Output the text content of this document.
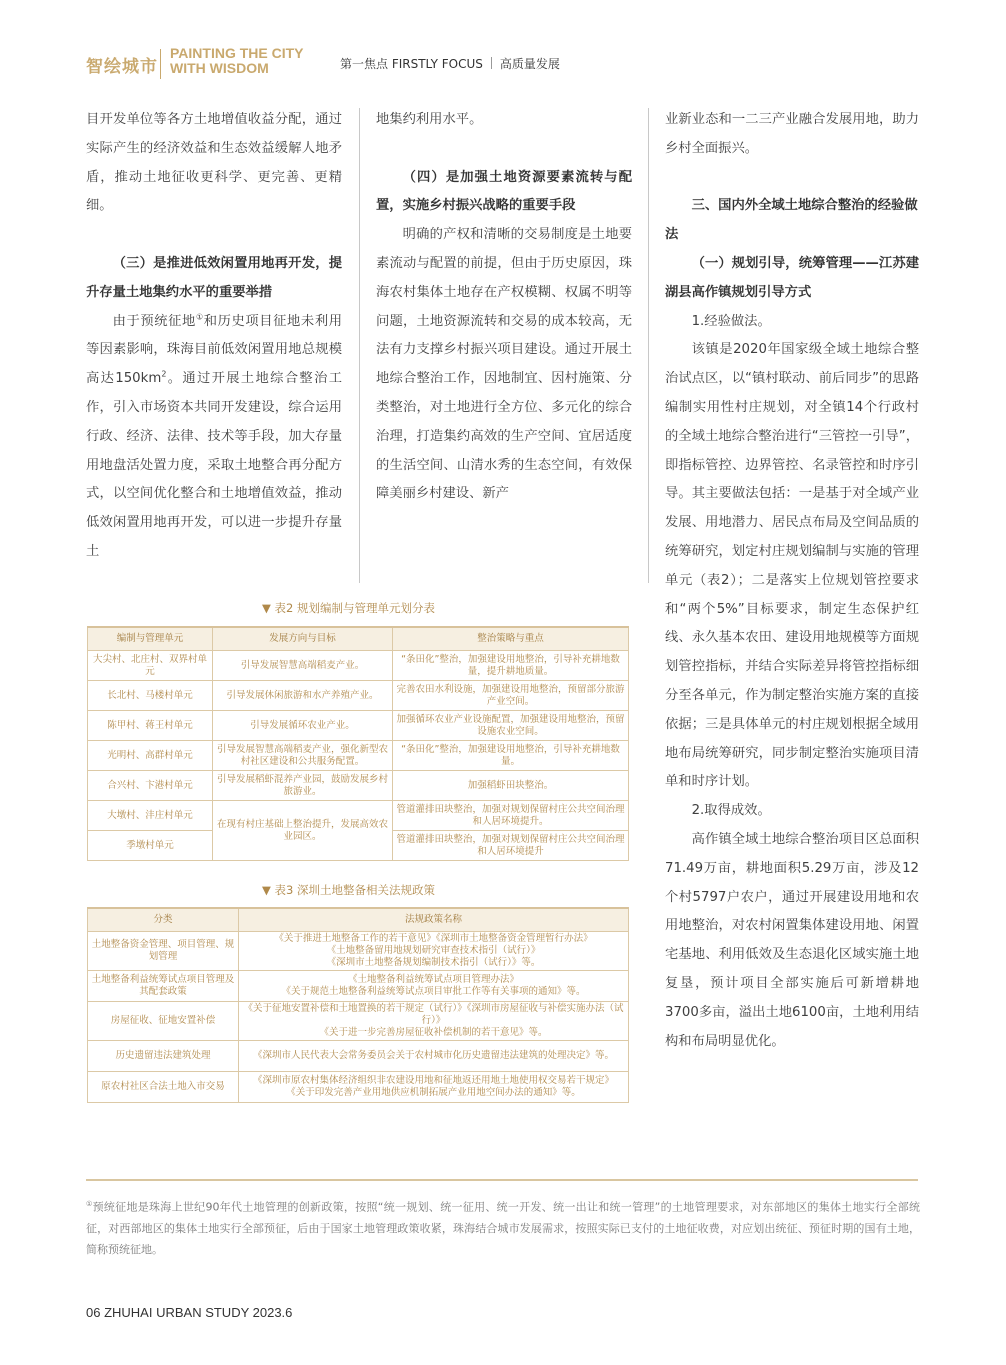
智绘城市
PAINTING THE CITY
WITH WISDOM	第一焦点 FIRSTLY FOCUS 高质量发展

目开发单位等各方土地增值收益分配，通过实际产生的经济效益和生态效益缓解人地矛盾，推动土地征收更科学、更完善、更精细。

（三）是推进低效闲置用地再开发，提升存量土地集约水平的重要举措

由于预统征地①和历史项目征地未利用等因素影响，珠海目前低效闲置用地总规模高达$150km^2$。通过开展土地综合整治工作，引入市场资本共同开发建设，综合运用行政、经济、法律、技术等手段，加大存量用地盘活处置力度，采取土地整合再分配方式，以空间优化整合和土地增值效益，推动低效闲置用地再开发，可以进一步提升存量土

地集约利用水平。

（四）是加强土地资源要素流转与配置，实施乡村振兴战略的重要手段

明确的产权和清晰的交易制度是土地要素流动与配置的前提，但由于历史原因，珠海农村集体土地存在产权模糊、权属不明等问题，土地资源流转和交易的成本较高，无法有力支撑乡村振兴项目建设。通过开展土地综合整治工作，因地制宜、因村施策、分类整治，对土地进行全方位、多元化的综合治理，打造集约高效的生产空间、宜居适度的生活空间、山清水秀的生态空间，有效保障美丽乡村建设、新产

业新业态和一二三产业融合发展用地，助力乡村全面振兴。

三、国内外全域土地综合整治的经验做法

（一）规划引导，统筹管理——江苏建湖县高作镇规划引导方式

1.经验做法。

该镇是2020年国家级全域土地综合整治试点区，以“镇村联动、前后同步”的思路编制实用性村庄规划，对全镇14个行政村的全域土地综合整治进行“三管控一引导”，即指标管控、边界管控、名录管控和时序引导。其主要做法包括：一是基于对全域产业发展、用地潜力、居民点布局及空间品质的统筹研究，划定村庄规划编制与实施的管理单元（表2）；二是落实上位规划管控要求和“两个5%”目标要求，制定生态保护红线、永久基本农田、建设用地规模等方面规划管控指标，并结合实际差异将管控指标细分至各单元，作为制定整治实施方案的直接依据；三是具体单元的村庄规划根据全域用地布局统筹研究，同步制定整治实施项目清单和时序计划。

2.取得成效。

高作镇全域土地综合整治项目区总面积71.49万亩，耕地面积5.29万亩，涉及12个村5797户农户，通过开展建设用地和农用地整治，对农村闲置集体建设用地、闲置宅基地、利用低效及生态退化区域实施土地复垦，预计项目全部实施后可新增耕地3700多亩，溢出土地6100亩，土地利用结构和布局明显优化。

▼ 表2 规划编制与管理单元划分表
编制与管理单元	发展方向与目标	整治策略与重点
大尖村、北庄村、双界村单元	引导发展智慧高端稻麦产业。	“条田化”整治，加强建设用地整治，引导补充耕地数量，提升耕地质量。
长北村、马楼村单元	引导发展休闲旅游和水产养殖产业。	完善农田水利设施，加强建设用地整治，预留部分旅游产业空间。
陈甲村、蒋王村单元	引导发展循环农业产业。	加强循环农业产业设施配置，加强建设用地整治，预留设施农业空间。
光明村、高群村单元	引导发展智慧高端稻麦产业，强化新型农村社区建设和公共服务配置。	“条田化”整治，加强建设用地整治，引导补充耕地数量。
合兴村、卞港村单元	引导发展稻虾混养产业园，鼓励发展乡村旅游业。	加强稻虾田块整治。
大墩村、沣庄村单元	在现有村庄基础上整治提升，发展高效农业园区。	管道灌排田块整治，加强对规划保留村庄公共空间治理和人居环境提升。
季墩村单元		管道灌排田块整治，加强对规划保留村庄公共空间治理和人居环境提升
▼ 表3 深圳土地整备相关法规政策
分类	法规政策名称
土地整备资金管理、项目管理、规划管理	《关于推进土地整备工作的若干意见》《深圳市土地整备资金管理暂行办法》
《土地整备留用地规划研究审查技术指引（试行）》
《深圳市土地整备规划编制技术指引（试行）》等。

土地整备利益统筹试点项目管理及其配套政策	《土地整备利益统筹试点项目管理办法》
《关于规范土地整备利益统筹试点项目审批工作等有关事项的通知》等。

房屋征收、征地安置补偿	《关于征地安置补偿和土地置换的若干规定（试行）》《深圳市房屋征收与补偿实施办法（试行）》
《关于进一步完善房屋征收补偿机制的若干意见》等。

历史遗留违法建筑处理	《深圳市人民代表大会常务委员会关于农村城市化历史遗留违法建筑的处理决定》等。

原农村社区合法土地入市交易	《深圳市原农村集体经济组织非农建设用地和征地返还用地土地使用权交易若干规定》
《关于印发完善产业用地供应机制拓展产业用地空间办法的通知》等。
①预统征地是珠海上世纪90年代土地管理的创新政策，按照“统一规划、统一征用、统一开发、统一出让和统一管理”的土地管理要求，对东部地区的集体土地实行全部统征，对西部地区的集体土地实行全部预征，后由于国家土地管理政策收紧，珠海结合城市发展需求，按照实际已支付的土地征收费，对应划出统征、预征时期的国有土地，简称预统征地。
06 ZHUHAI URBAN STUDY 2023.6
